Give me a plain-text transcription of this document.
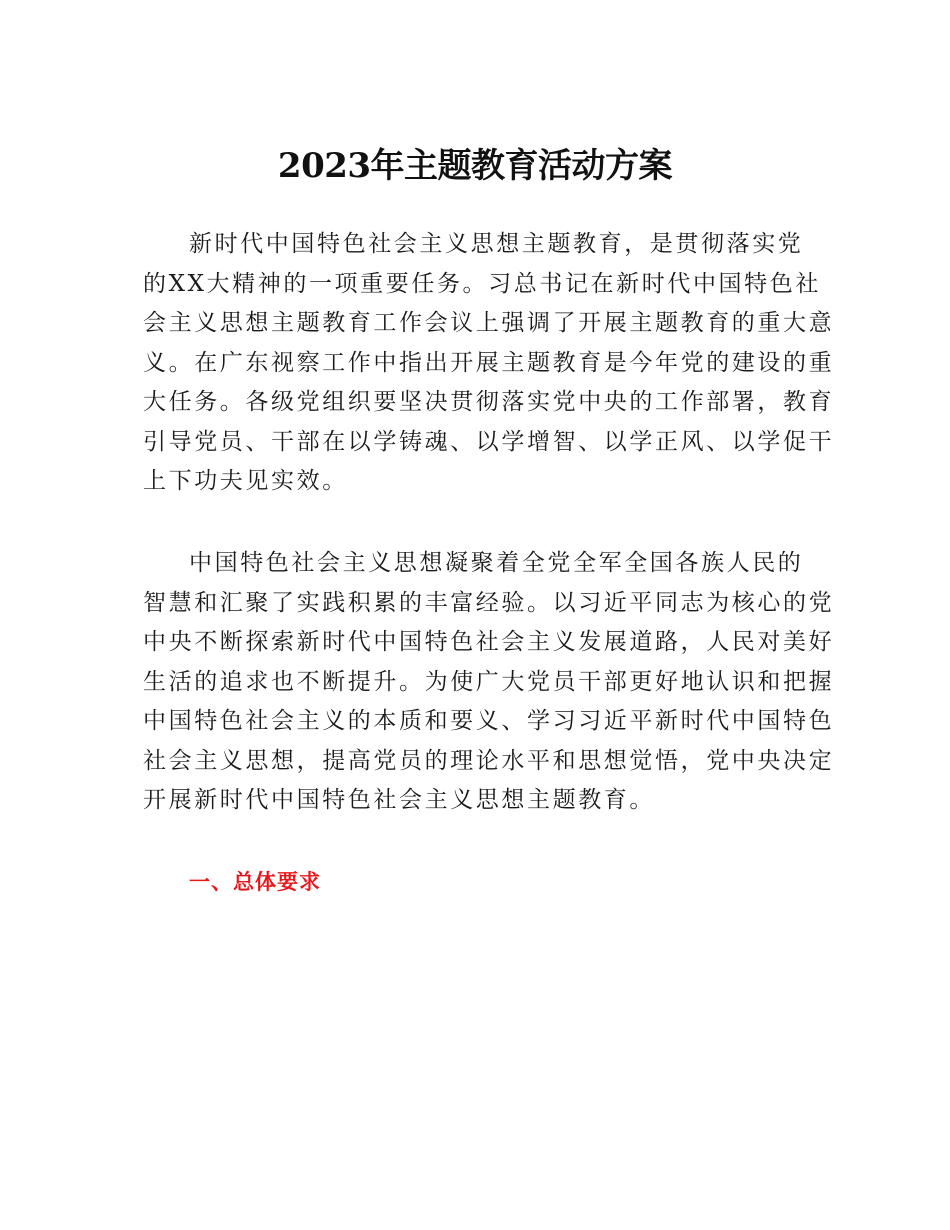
2023年主题教育活动方案

新时代中国特色社会主义思想主题教育，是贯彻落实党
的XX大精神的一项重要任务。习总书记在新时代中国特色社
会主义思想主题教育工作会议上强调了开展主题教育的重大意
义。在广东视察工作中指出开展主题教育是今年党的建设的重
大任务。各级党组织要坚决贯彻落实党中央的工作部署，教育
引导党员、干部在以学铸魂、以学增智、以学正风、以学促干
上下功夫见实效。

中国特色社会主义思想凝聚着全党全军全国各族人民的
智慧和汇聚了实践积累的丰富经验。以习近平同志为核心的党
中央不断探索新时代中国特色社会主义发展道路，人民对美好
生活的追求也不断提升。为使广大党员干部更好地认识和把握
中国特色社会主义的本质和要义、学习习近平新时代中国特色
社会主义思想，提高党员的理论水平和思想觉悟，党中央决定
开展新时代中国特色社会主义思想主题教育。

一、总体要求
